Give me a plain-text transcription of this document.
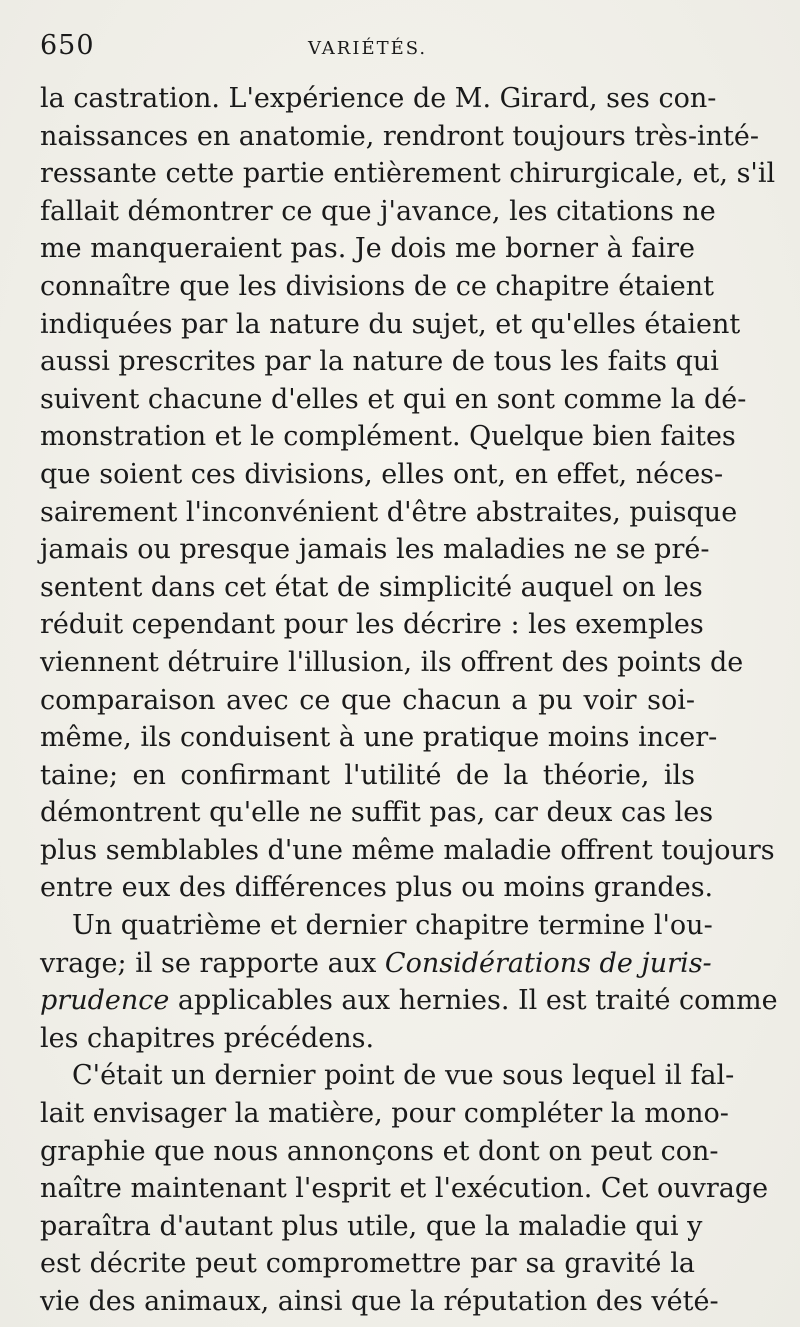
650	VARIÉTÉS.
la castration. L'expérience de M. Girard, ses con-
naissances en anatomie, rendront toujours très-inté-
ressante cette partie entièrement chirurgicale, et, s'il
fallait démontrer ce que j'avance, les citations ne
me manqueraient pas. Je dois me borner à faire
connaître que les divisions de ce chapitre étaient
indiquées par la nature du sujet, et qu'elles étaient
aussi prescrites par la nature de tous les faits qui
suivent chacune d'elles et qui en sont comme la dé-
monstration et le complément. Quelque bien faites
que soient ces divisions, elles ont, en effet, néces-
sairement l'inconvénient d'être abstraites, puisque
jamais ou presque jamais les maladies ne se pré-
sentent dans cet état de simplicité auquel on les
réduit cependant pour les décrire : les exemples
viennent détruire l'illusion, ils offrent des points de
comparaison avec ce que chacun a pu voir soi-
même, ils conduisent à une pratique moins incer-
taine; en confirmant l'utilité de la théorie, ils
démontrent qu'elle ne suffit pas, car deux cas les
plus semblables d'une même maladie offrent toujours
entre eux des différences plus ou moins grandes.
Un quatrième et dernier chapitre termine l'ou-
vrage; il se rapporte aux Considérations de juris-
prudence applicables aux hernies. Il est traité comme
les chapitres précédens.
C'était un dernier point de vue sous lequel il fal-
lait envisager la matière, pour compléter la mono-
graphie que nous annonçons et dont on peut con-
naître maintenant l'esprit et l'exécution. Cet ouvrage
paraîtra d'autant plus utile, que la maladie qui y
est décrite peut compromettre par sa gravité la
vie des animaux, ainsi que la réputation des vété-
